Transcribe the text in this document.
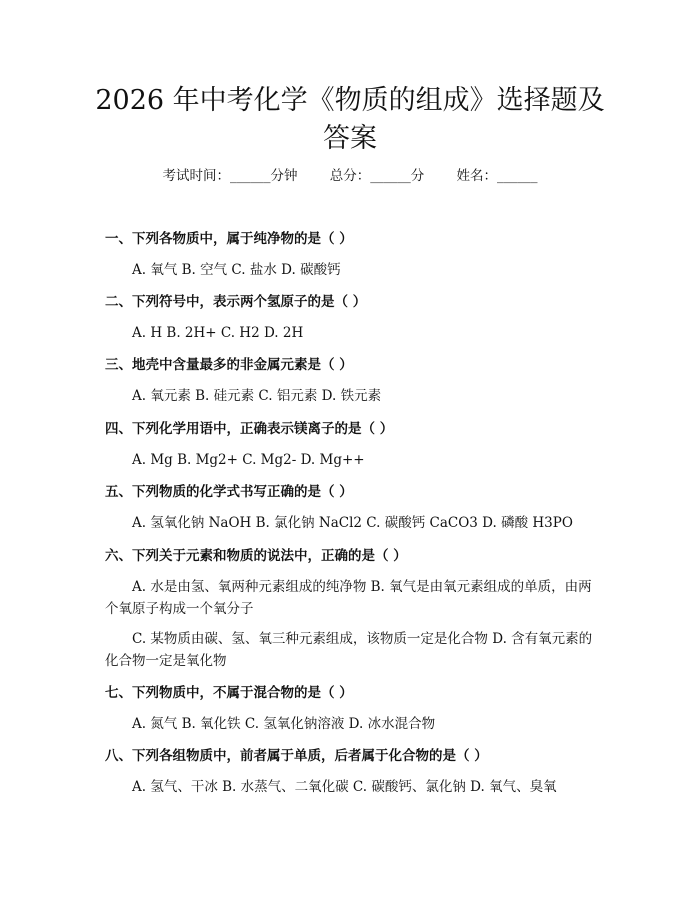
2026 年中考化学《物质的组成》选择题及答案
考试时间：______分钟 总分：______分 姓名：______
一、下列各物质中，属于纯净物的是（ ）
A. 氧气 B. 空气 C. 盐水 D. 碳酸钙
二、下列符号中，表示两个氢原子的是（ ）
A. H B. 2H+ C. H2 D. 2H
三、地壳中含量最多的非金属元素是（ ）
A. 氧元素 B. 硅元素 C. 铝元素 D. 铁元素
四、下列化学用语中，正确表示镁离子的是（ ）
A. Mg B. Mg2+ C. Mg2- D. Mg++
五、下列物质的化学式书写正确的是（ ）
A. 氢氧化钠 NaOH B. 氯化钠 NaCl2 C. 碳酸钙 CaCO3 D. 磷酸 H3PO
六、下列关于元素和物质的说法中，正确的是（ ）
A. 水是由氢、氧两种元素组成的纯净物 B. 氧气是由氧元素组成的单质，由两个氧原子构成一个氧分子
C. 某物质由碳、氢、氧三种元素组成，该物质一定是化合物 D. 含有氧元素的化合物一定是氧化物
七、下列物质中，不属于混合物的是（ ）
A. 氮气 B. 氧化铁 C. 氢氧化钠溶液 D. 冰水混合物
八、下列各组物质中，前者属于单质，后者属于化合物的是（ ）
A. 氢气、干冰 B. 水蒸气、二氧化碳 C. 碳酸钙、氯化钠 D. 氧气、臭氧
